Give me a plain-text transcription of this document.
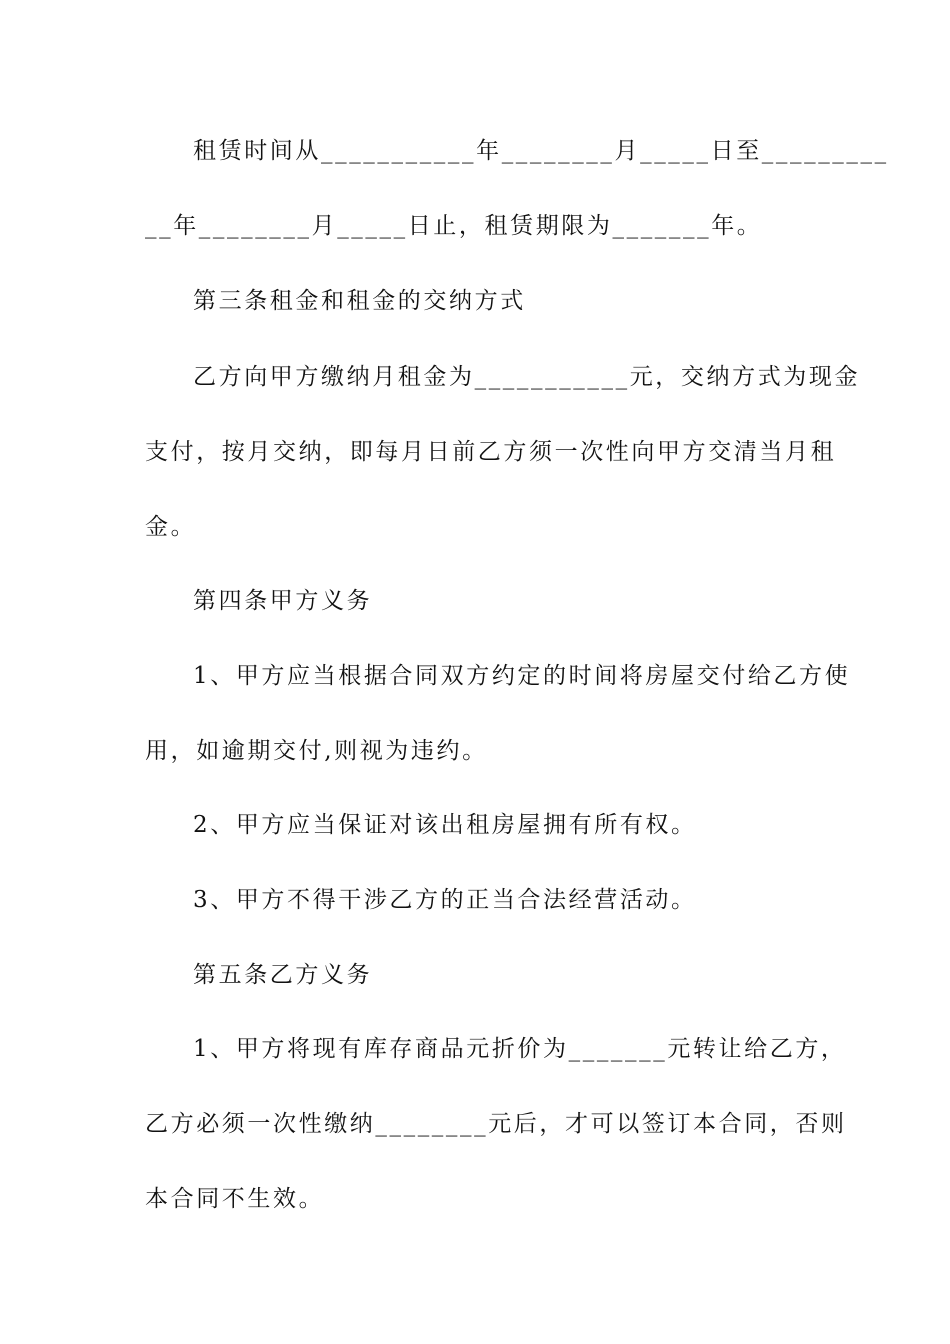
租赁时间从___________年________月_____日至_________
__年________月_____日止，租赁期限为_______年。
第三条租金和租金的交纳方式
乙方向甲方缴纳月租金为___________元，交纳方式为现金
支付，按月交纳，即每月日前乙方须一次性向甲方交清当月租
金。
第四条甲方义务
1、甲方应当根据合同双方约定的时间将房屋交付给乙方使
用，如逾期交付,则视为违约。
2、甲方应当保证对该出租房屋拥有所有权。
3、甲方不得干涉乙方的正当合法经营活动。
第五条乙方义务
1、甲方将现有库存商品元折价为_______元转让给乙方，
乙方必须一次性缴纳________元后，才可以签订本合同，否则
本合同不生效。
